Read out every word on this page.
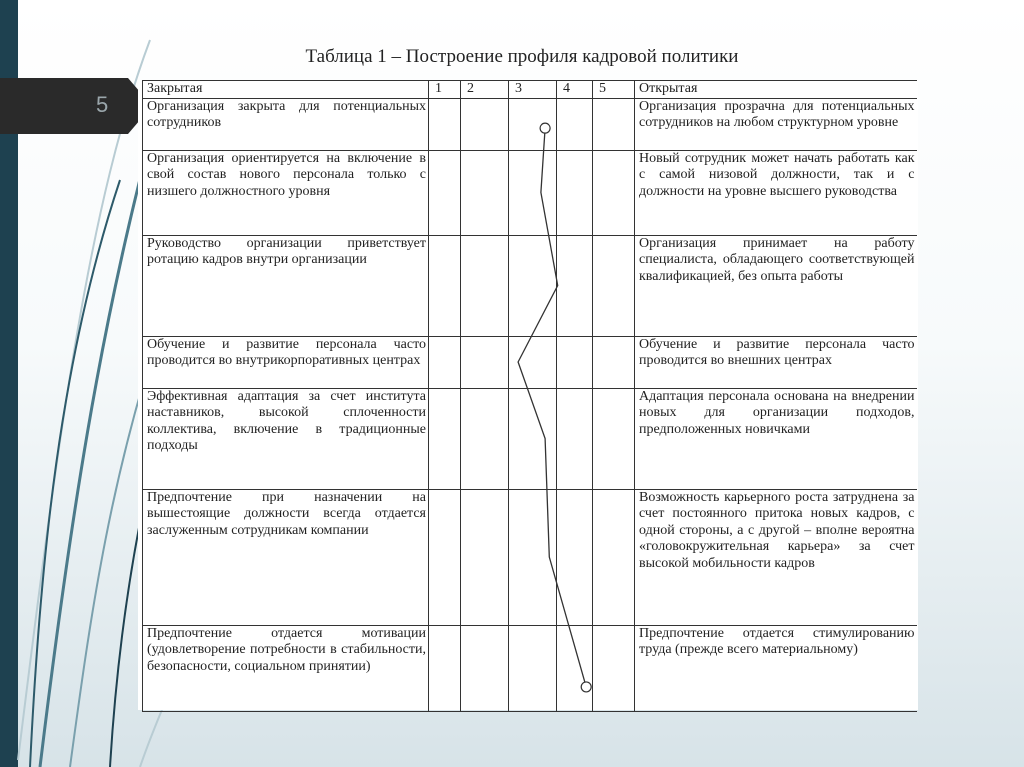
5
Таблица 1 – Построение профиля кадровой политики
Закрытая	1	2	3	4	5	Открытая
Организация закрыта для потенциальных сотрудников						Организация прозрачна для потенциальных сотрудников на любом структурном уровне
Организация ориентируется на включение в свой состав нового персонала только с низшего должностного уровня						Новый сотрудник может начать работать как с самой низовой должности, так и с должности на уровне высшего руководства
Руководство организации приветствует ротацию кадров внутри организации						Организация принимает на работу специалиста, обладающего соответствующей квалификацией, без опыта работы
Обучение и развитие персонала часто проводится во внутрикорпоративных центрах						Обучение и развитие персонала часто проводится во внешних центрах
Эффективная адаптация за счет института наставников, высокой сплоченности коллектива, включение в традиционные подходы						Адаптация персонала основана на внедрении новых для организации подходов, предположенных новичками
Предпочтение при назначении на вышестоящие должности всегда отдается заслуженным сотрудникам компании						Возможность карьерного роста затруднена за счет постоянного притока новых кадров, с одной стороны, а с другой – вполне вероятна «головокружительная карьера» за счет высокой мобильности кадров
Предпочтение отдается мотивации (удовлетворение потребности в стабильности, безопасности, социальном принятии)						Предпочтение отдается стимулированию труда (прежде всего материальному)
